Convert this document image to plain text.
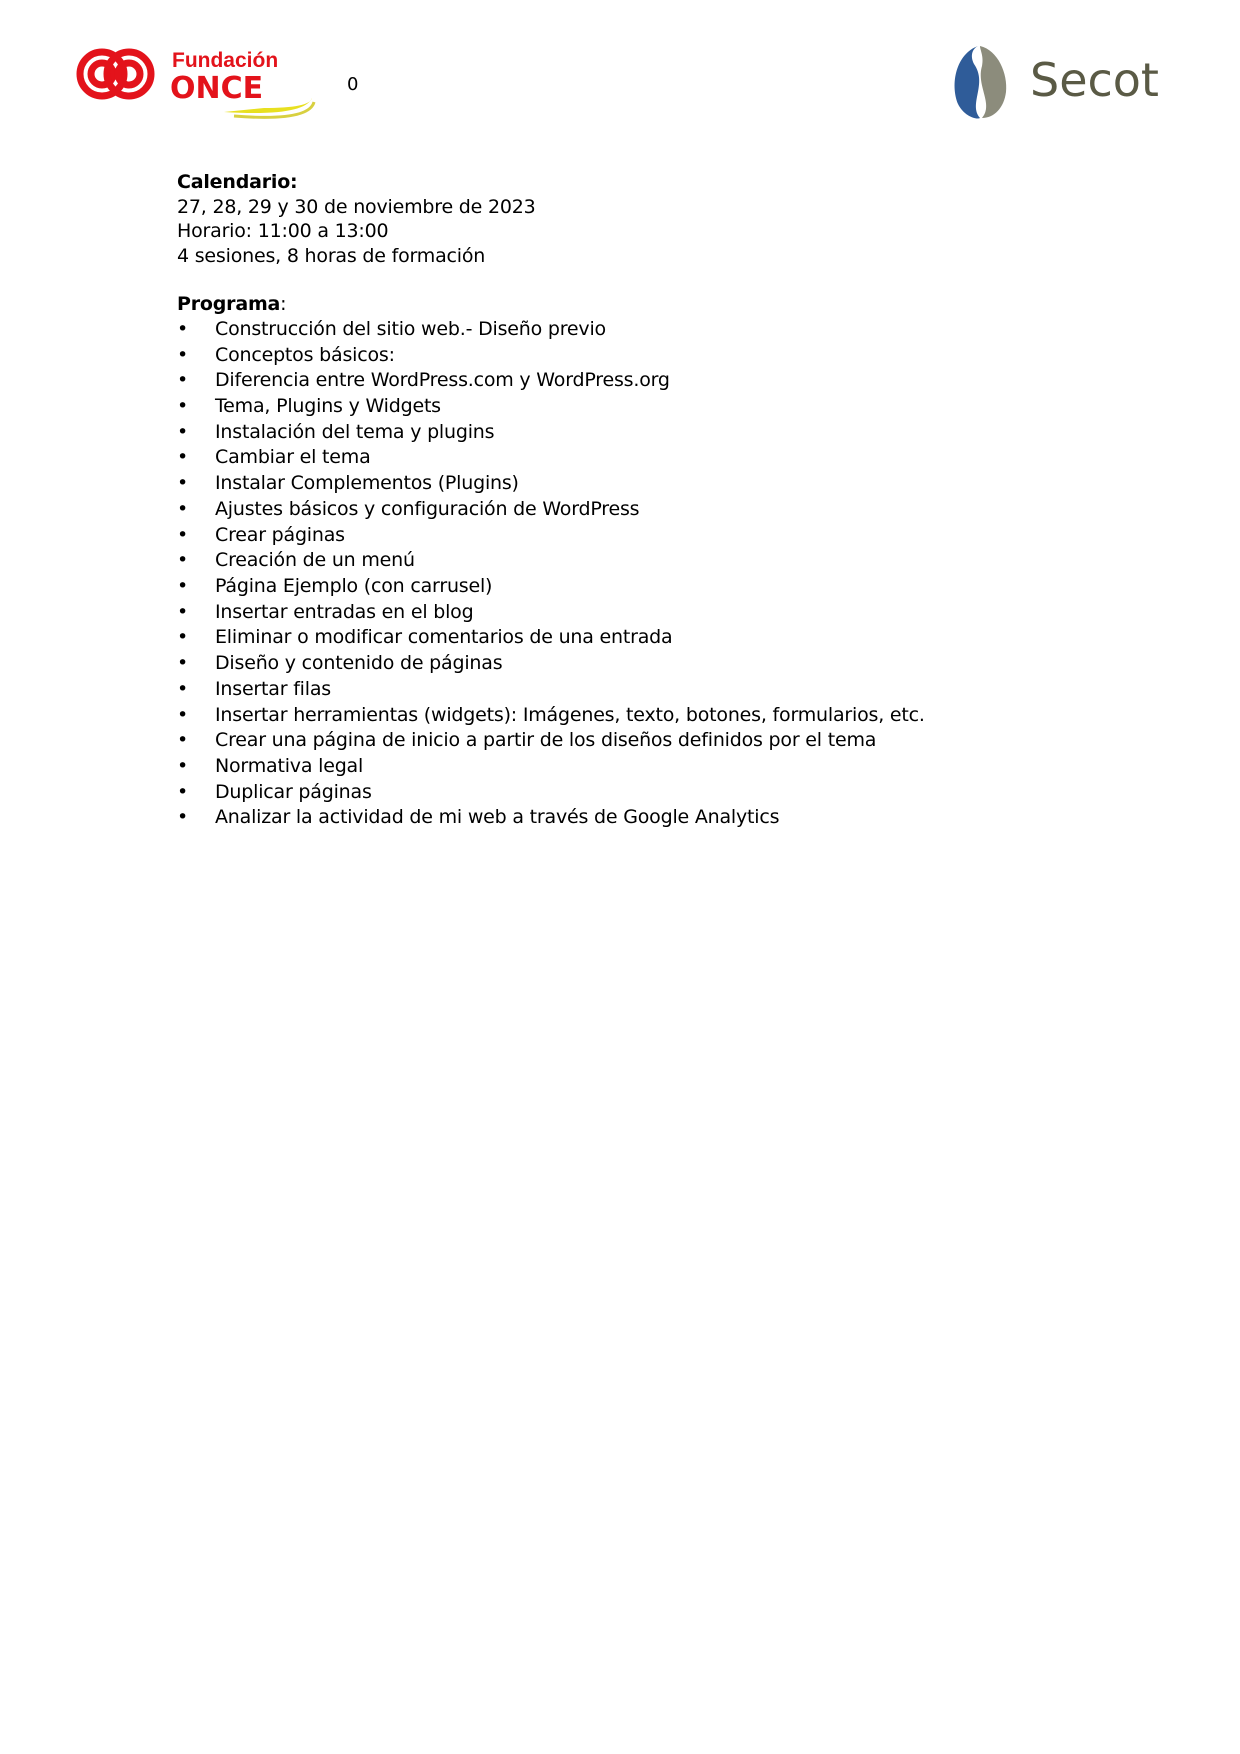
Fundación
ONCE	0	Secot
Calendario:
27, 28, 29 y 30 de noviembre de 2023
Horario: 11:00 a 13:00
4 sesiones, 8 horas de formación
Programa:
• Construcción del sitio web.- Diseño previo
• Conceptos básicos:
• Diferencia entre WordPress.com y WordPress.org
• Tema, Plugins y Widgets
• Instalación del tema y plugins
• Cambiar el tema
• Instalar Complementos (Plugins)
• Ajustes básicos y configuración de WordPress
• Crear páginas
• Creación de un menú
• Página Ejemplo (con carrusel)
• Insertar entradas en el blog
• Eliminar o modificar comentarios de una entrada
• Diseño y contenido de páginas
• Insertar filas
• Insertar herramientas (widgets): Imágenes, texto, botones, formularios, etc.
• Crear una página de inicio a partir de los diseños definidos por el tema
• Normativa legal
• Duplicar páginas
• Analizar la actividad de mi web a través de Google Analytics
